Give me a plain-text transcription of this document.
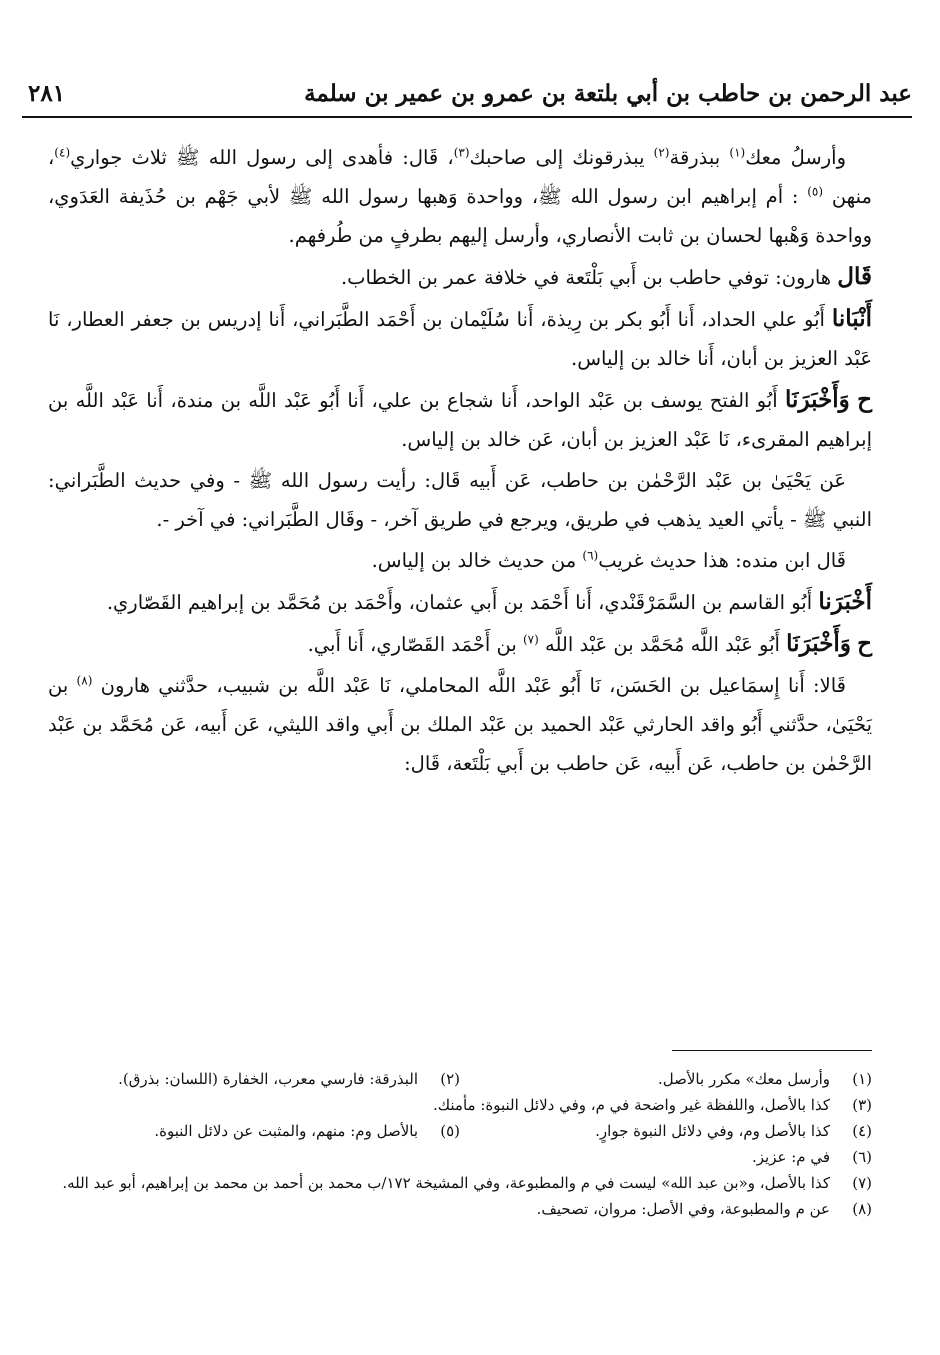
عبد الرحمن بن حاطب بن أبي بلتعة بن عمرو بن عمير بن سلمة
٢٨١

وأرسلُ معك$^{(١)}$ ببذرقة$^{(٢)}$ يبذرقونك إلى صاحبك$^{(٣)}$، قَال: فأهدى إلى رسول الله ﷺ ثلاث جواري$^{(٤)}$، منهن $^{(٥)}$ : أم إبراهيم ابن رسول الله ﷺ، وواحدة وَهبها رسول الله ﷺ لأبي جَهْم بن حُذَيفة العَدَوي، وواحدة وَهْبها لحسان بن ثابت الأنصاري، وأرسل إليهم بطرفٍ من طُرفهم.

قَال هارون: توفي حاطب بن أَبي بَلْتَعة في خلافة عمر بن الخطاب.

أَنْبَانا أَبُو علي الحداد، أَنا أَبُو بكر بن رِيذة، أَنا سُلَيْمان بن أَحْمَد الطَّبَراني، أَنا إدريس بن جعفر العطار، نَا عَبْد العزيز بن أبان، أَنا خالد بن إلياس.

ح وَأَخْبَرَنَا أَبُو الفتح يوسف بن عَبْد الواحد، أَنا شجاع بن علي، أَنا أَبُو عَبْد اللَّه بن مندة، أَنا عَبْد اللَّه بن إبراهيم المقرىء، نَا عَبْد العزيز بن أبان، عَن خالد بن إلياس.

عَن يَحْيَىٰ بن عَبْد الرَّحْمٰن بن حاطب، عَن أَبيه قَال: رأيت رسول الله ﷺ - وفي حديث الطَّبَراني: النبي ﷺ - يأتي العيد يذهب في طريق، ويرجع في طريق آخر، - وقَال الطَّبَراني: في آخر -.

قَال ابن منده: هذا حديث غريب$^{(٦)}$ من حديث خالد بن إلياس.

أَخْبَرَنا أَبُو القاسم بن السَّمَرْقَنْدي، أَنا أَحْمَد بن أَبي عثمان، وأَحْمَد بن مُحَمَّد بن إبراهيم القَصّاري.

ح وَأَخْبَرَنَا أَبُو عَبْد اللَّه مُحَمَّد بن عَبْد اللَّه $^{(٧)}$ بن أَحْمَد القَصّاري، أَنا أَبي.

قَالا: أَنا إِسمَاعيل بن الحَسَن، نَا أَبُو عَبْد اللَّه المحاملي، نَا عَبْد اللَّه بن شبيب، حدَّثني هارون $^{(٨)}$ بن يَحْيَىٰ، حدَّثني أَبُو واقد الحارثي عَبْد الحميد بن عَبْد الملك بن أَبي واقد الليثي، عَن أَبيه، عَن مُحَمَّد بن عَبْد الرَّحْمٰن بن حاطب، عَن أَبيه، عَن حاطب بن أَبي بَلْتَعة، قَال:

(١)وأرسل معك» مكرر بالأصل.
(٢)البذرقة: فارسي معرب، الخفارة (اللسان: بذرق).
(٣)كذا بالأصل، واللفظة غير واضحة في م، وفي دلائل النبوة: مأمنك.
(٤)كذا بالأصل وم، وفي دلائل النبوة جوارٍ.
(٥)بالأصل وم: منهم، والمثبت عن دلائل النبوة.
(٦)في م: عزيز.
(٧)كذا بالأصل، و«بن عبد الله» ليست في م والمطبوعة، وفي المشيخة ١٧٢/ب محمد بن أحمد بن محمد بن إبراهيم، أبو عبد الله.
(٨)عن م والمطبوعة، وفي الأصل: مروان، تصحيف.
